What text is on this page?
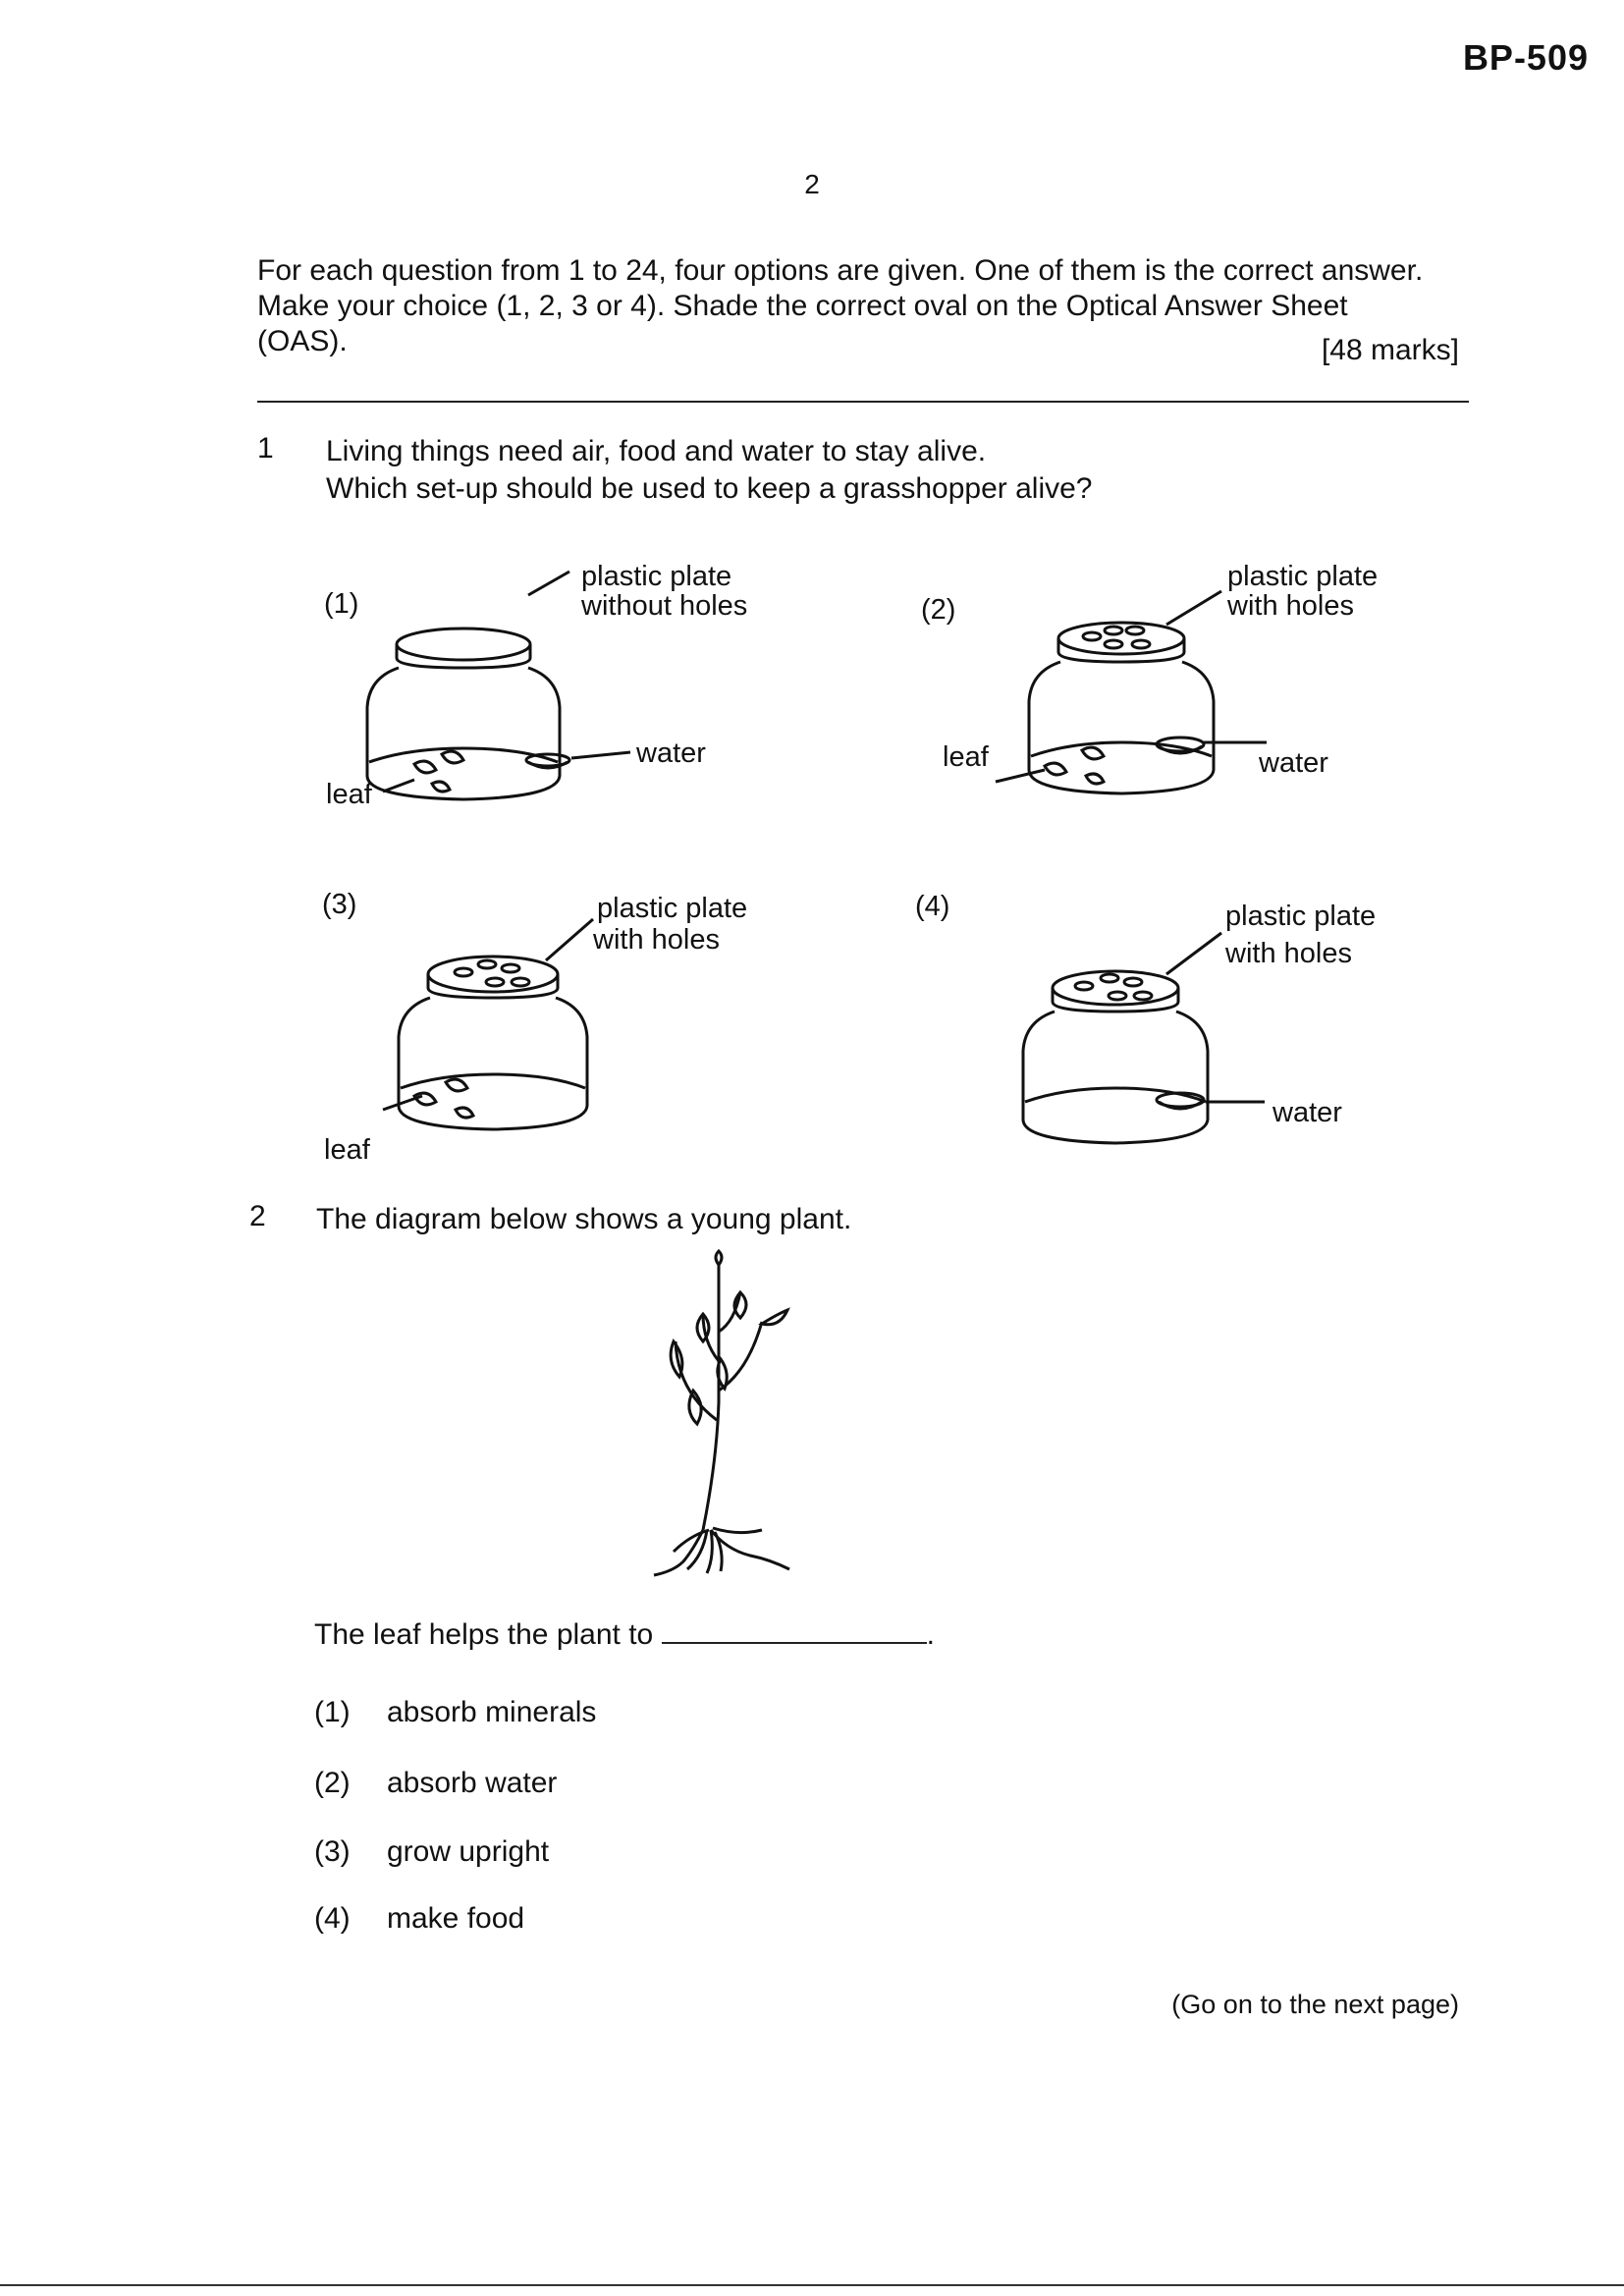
BP-509
2
For each question from 1 to 24, four options are given. One of them is the correct answer.
Make your choice (1, 2, 3 or 4). Shade the correct oval on the Optical Answer Sheet
(OAS).	[48 marks]
1 Living things need air, food and water to stay alive.
Which set-up should be used to keep a grasshopper alive?
(1)
plastic plate
without holes
water
leaf
(2)
plastic plate
with holes
water
leaf
(3)	plastic plate
with holes
leaf
(4)	plastic plate
with holes
water
2 The diagram below shows a young plant.
The leaf helps the plant to	.
(1) absorb minerals
(2) absorb water
(3) grow upright
(4) make food
(Go on to the next page)
